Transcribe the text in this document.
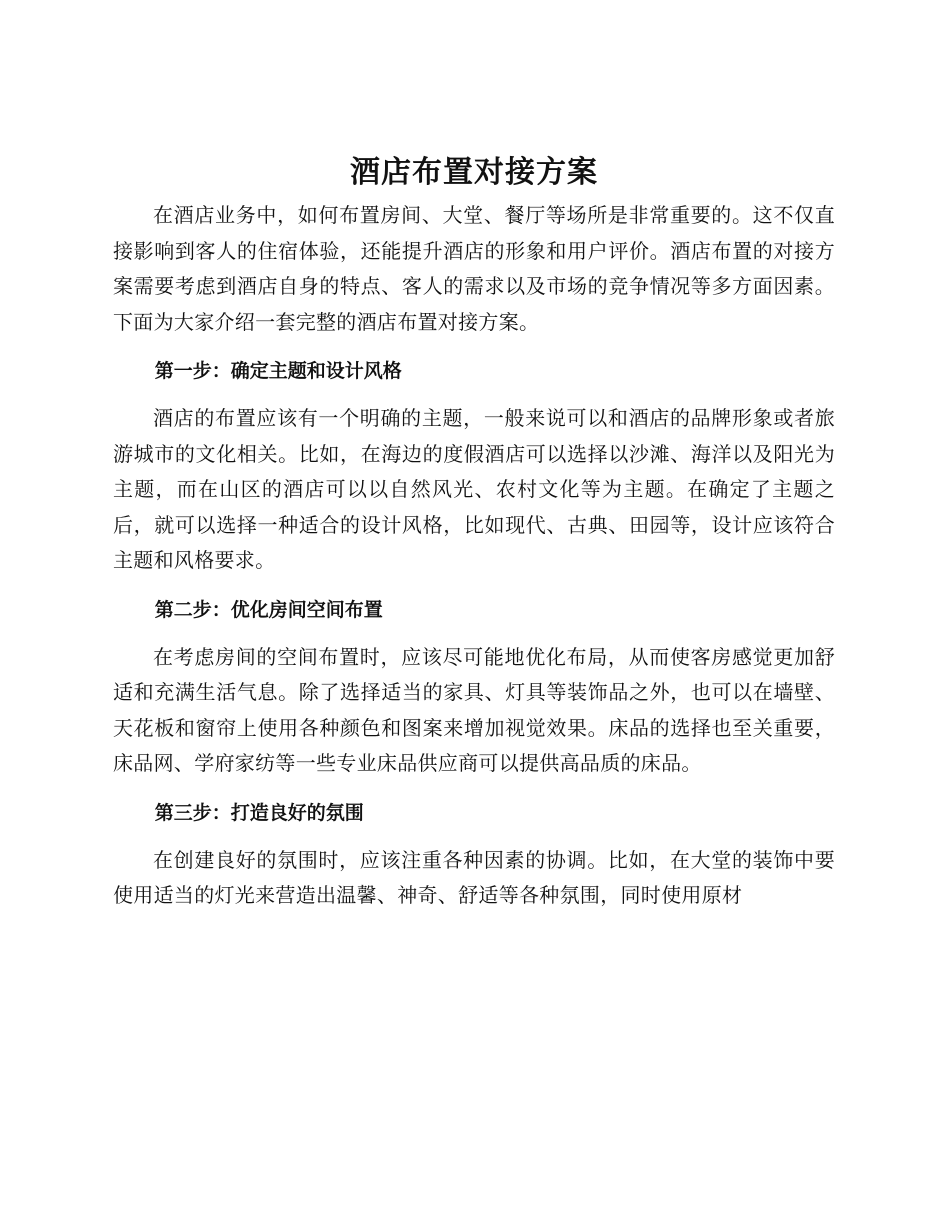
酒店布置对接方案

在酒店业务中，如何布置房间、大堂、餐厅等场所是非常重要的。这不仅直接影响到客人的住宿体验，还能提升酒店的形象和用户评价。酒店布置的对接方案需要考虑到酒店自身的特点、客人的需求以及市场的竞争情况等多方面因素。下面为大家介绍一套完整的酒店布置对接方案。

第一步：确定主题和设计风格

酒店的布置应该有一个明确的主题，一般来说可以和酒店的品牌形象或者旅游城市的文化相关。比如，在海边的度假酒店可以选择以沙滩、海洋以及阳光为主题，而在山区的酒店可以以自然风光、农村文化等为主题。在确定了主题之后，就可以选择一种适合的设计风格，比如现代、古典、田园等，设计应该符合主题和风格要求。

第二步：优化房间空间布置

在考虑房间的空间布置时，应该尽可能地优化布局，从而使客房感觉更加舒适和充满生活气息。除了选择适当的家具、灯具等装饰品之外，也可以在墙壁、天花板和窗帘上使用各种颜色和图案来增加视觉效果。床品的选择也至关重要，床品网、学府家纺等一些专业床品供应商可以提供高品质的床品。

第三步：打造良好的氛围

在创建良好的氛围时，应该注重各种因素的协调。比如，在大堂的装饰中要使用适当的灯光来营造出温馨、神奇、舒适等各种氛围，同时使用原材
